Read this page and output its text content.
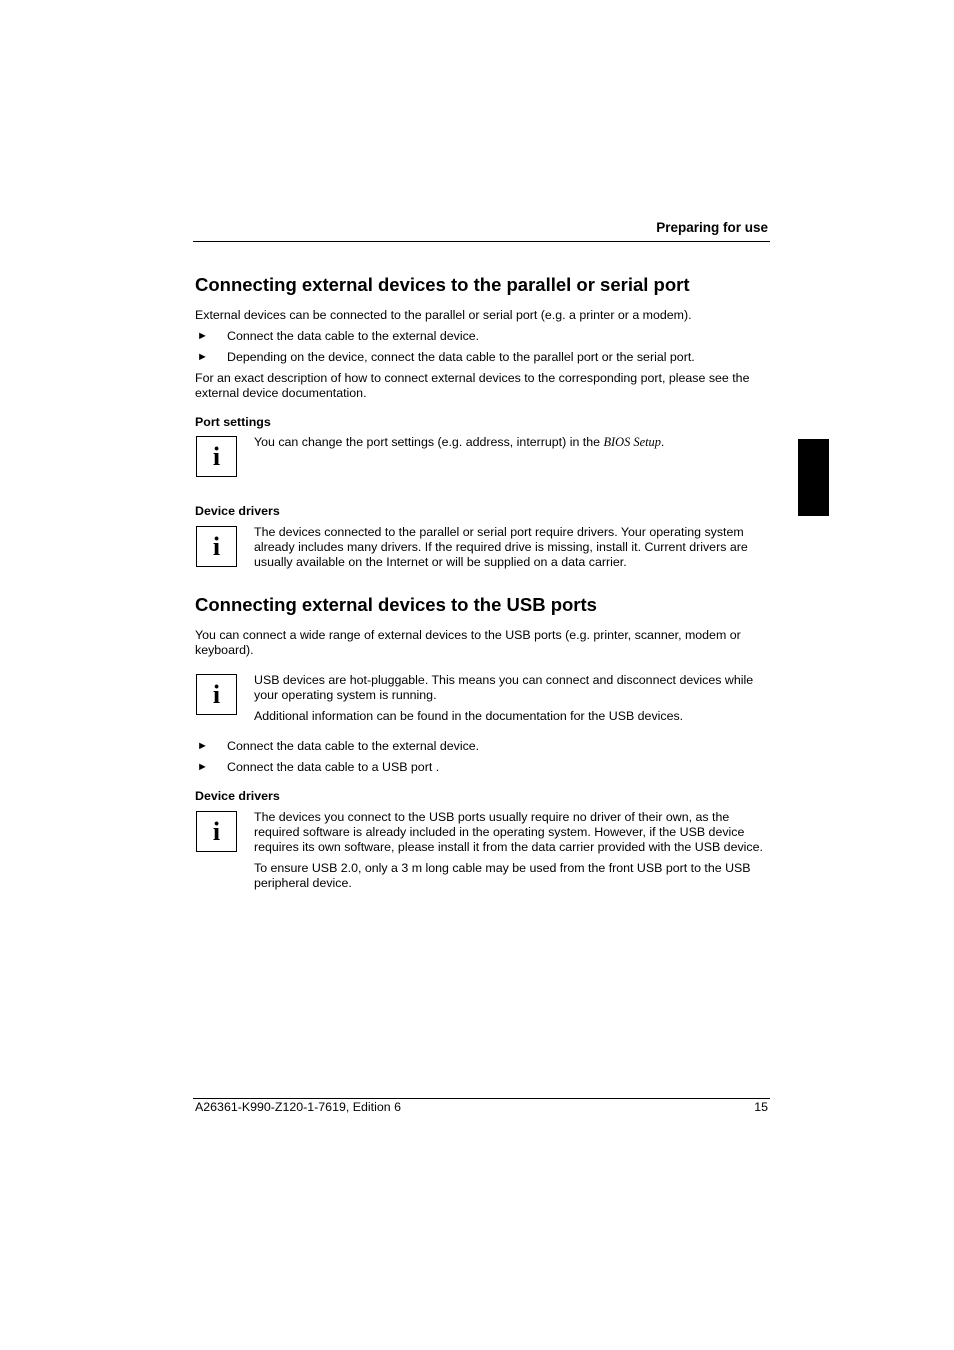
Preparing for use
Connecting external devices to the parallel or serial port
External devices can be connected to the parallel or serial port (e.g. a printer or a modem).
► Connect the data cable to the external device.
► Depending on the device, connect the data cable to the parallel port or the serial port.
For an exact description of how to connect external devices to the corresponding port, please see the external device documentation.
Port settings
i	You can change the port settings (e.g. address, interrupt) in the BIOS Setup.

Device drivers
i	The devices connected to the parallel or serial port require drivers. Your operating system already includes many drivers. If the required drive is missing, install it. Current drivers are usually available on the Internet or will be supplied on a data carrier.

Connecting external devices to the USB ports
You can connect a wide range of external devices to the USB ports (e.g. printer, scanner, modem or keyboard).
i	USB devices are hot-pluggable. This means you can connect and disconnect devices while your operating system is running.

Additional information can be found in the documentation for the USB devices.

► Connect the data cable to the external device.
► Connect the data cable to a USB port .
Device drivers
i	The devices you connect to the USB ports usually require no driver of their own, as the required software is already included in the operating system. However, if the USB device requires its own software, please install it from the data carrier provided with the USB device.

To ensure USB 2.0, only a 3 m long cable may be used from the front USB port to the USB peripheral device.

A26361-K990-Z120-1-7619, Edition 6	15
